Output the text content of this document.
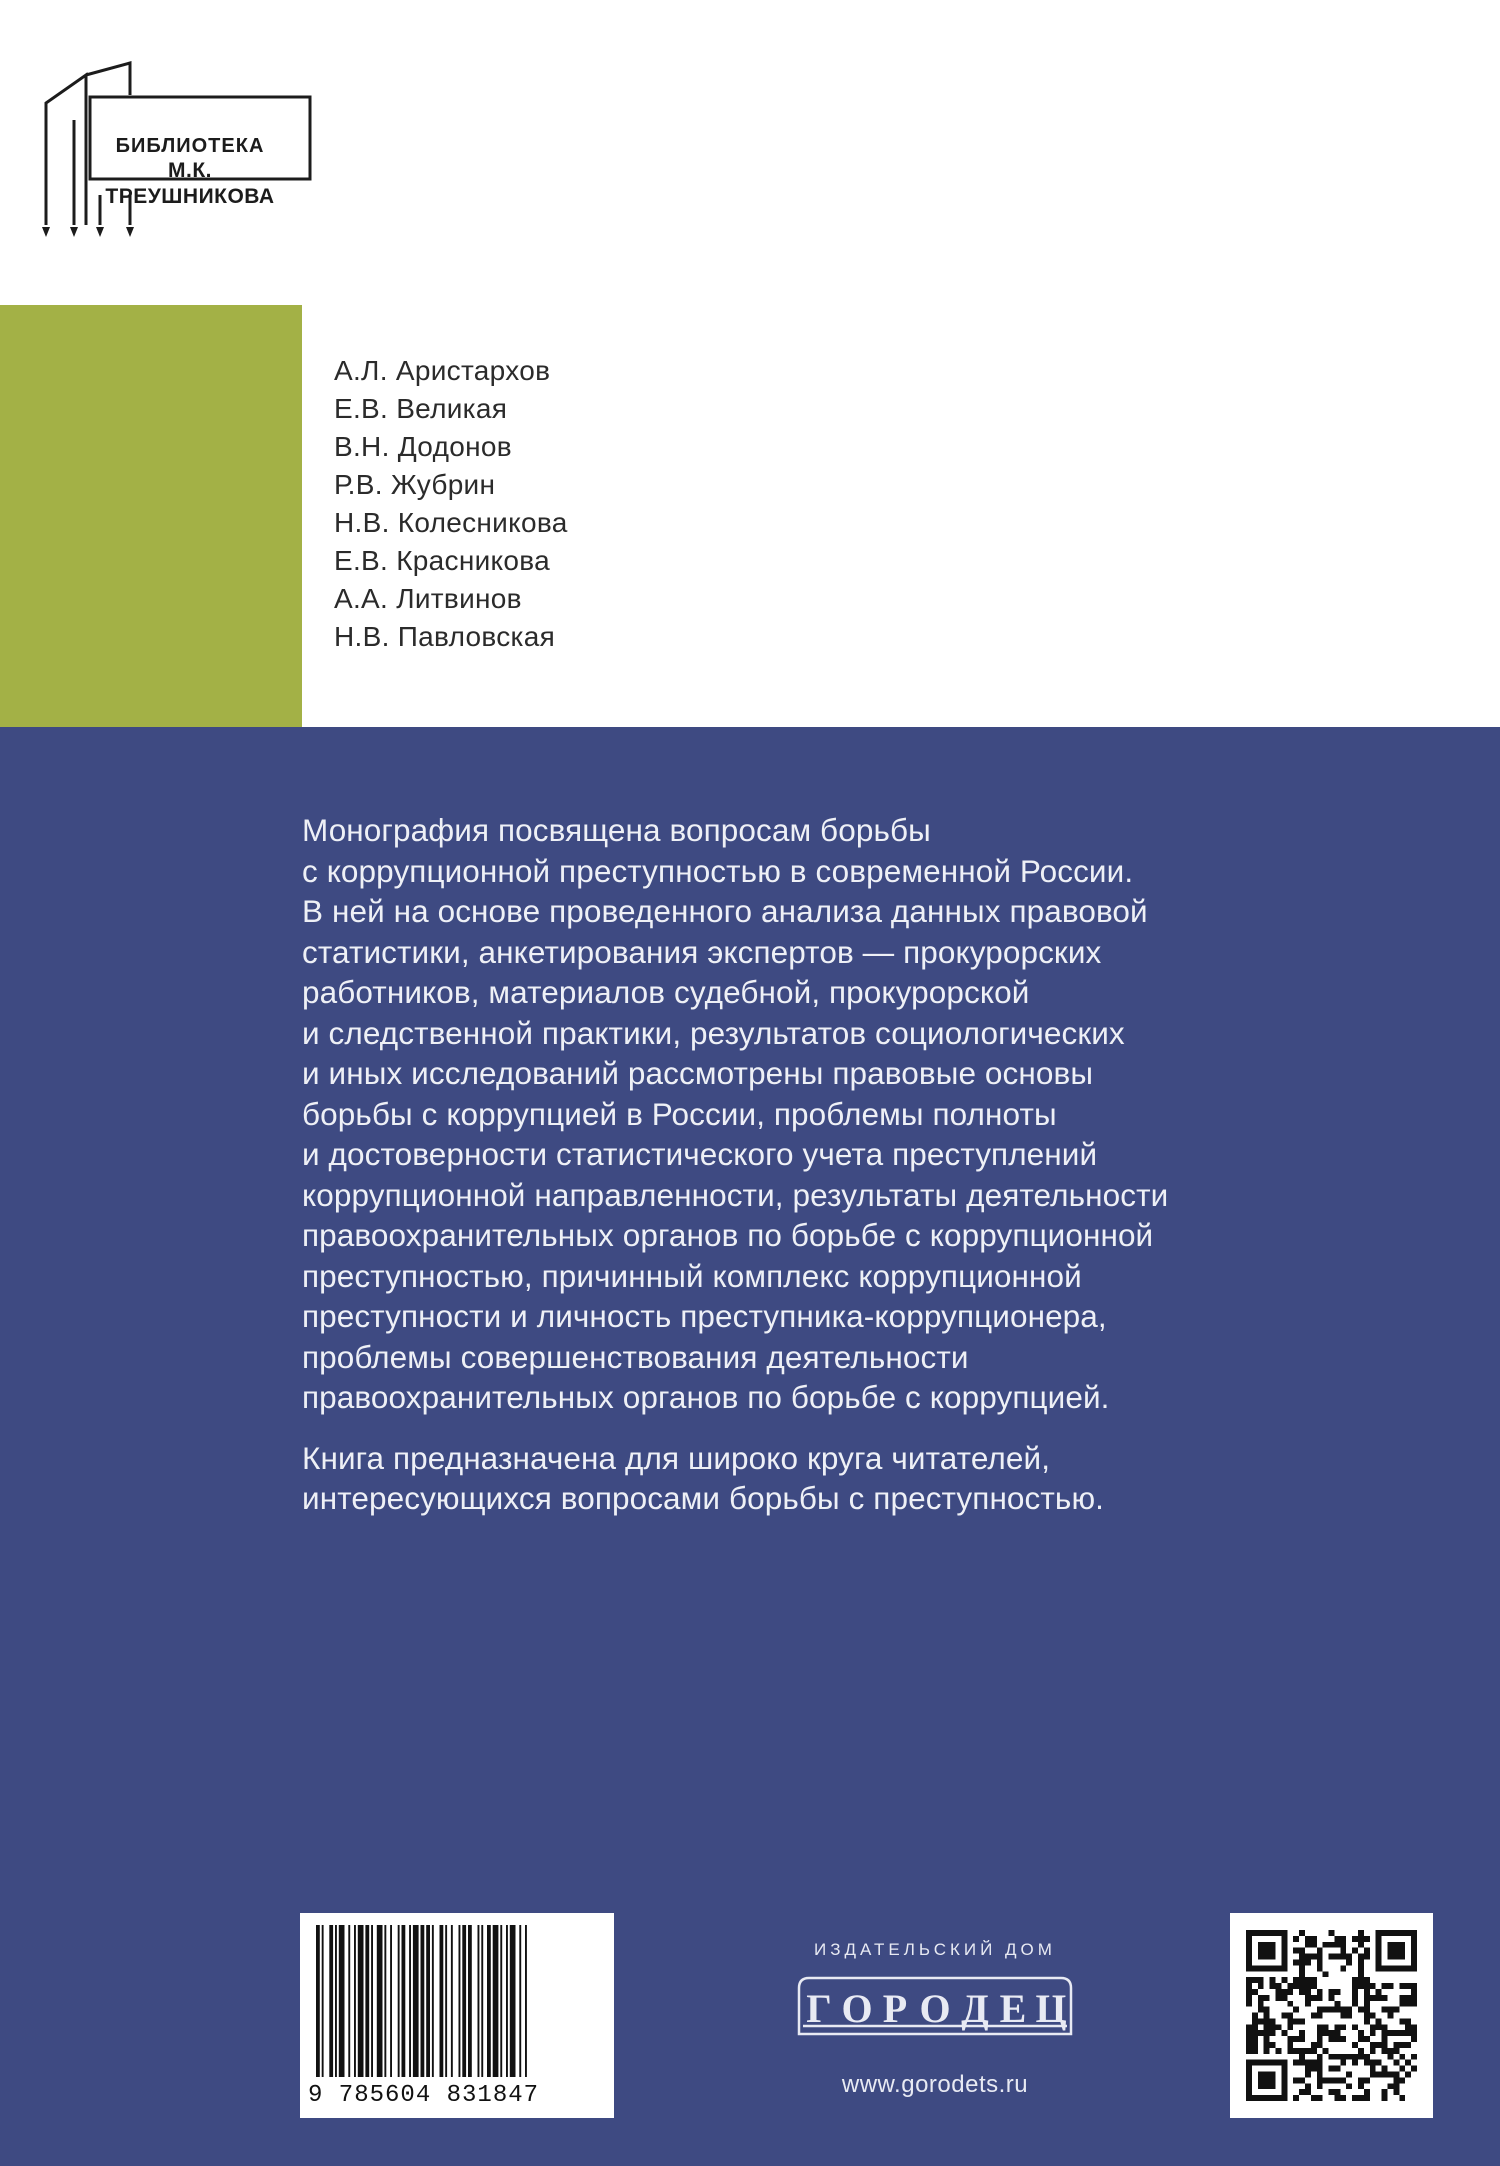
БИБЛИОТЕКА
М.К. ТРЕУШНИКОВА
А.Л. Аристархов
Е.В. Великая
В.Н. Додонов
Р.В. Жубрин
Н.В. Колесникова
Е.В. Красникова
А.А. Литвинов
Н.В. Павловская

Монография посвящена вопросам борьбы
с коррупционной преступностью в современной России.
В ней на основе проведенного анализа данных правовой
статистики, анкетирования экспертов — прокурорских
работников, материалов судебной, прокурорской
и следственной практики, результатов социологических
и иных исследований рассмотрены правовые основы
борьбы с коррупцией в России, проблемы полноты
и достоверности статистического учета преступлений
коррупционной направленности, результаты деятельности
правоохранительных органов по борьбе с коррупционной
преступностью, причинный комплекс коррупционной
преступности и личность преступника-коррупционера,
проблемы совершенствования деятельности
правоохранительных органов по борьбе с коррупцией.

Книга предназначена для широко круга читателей,
интересующихся вопросами борьбы с преступностью.

9 785604 831847
ИЗДАТЕЛЬСКИЙ ДОМ
Г О Р О Д Е Ц
www.gorodets.ru
